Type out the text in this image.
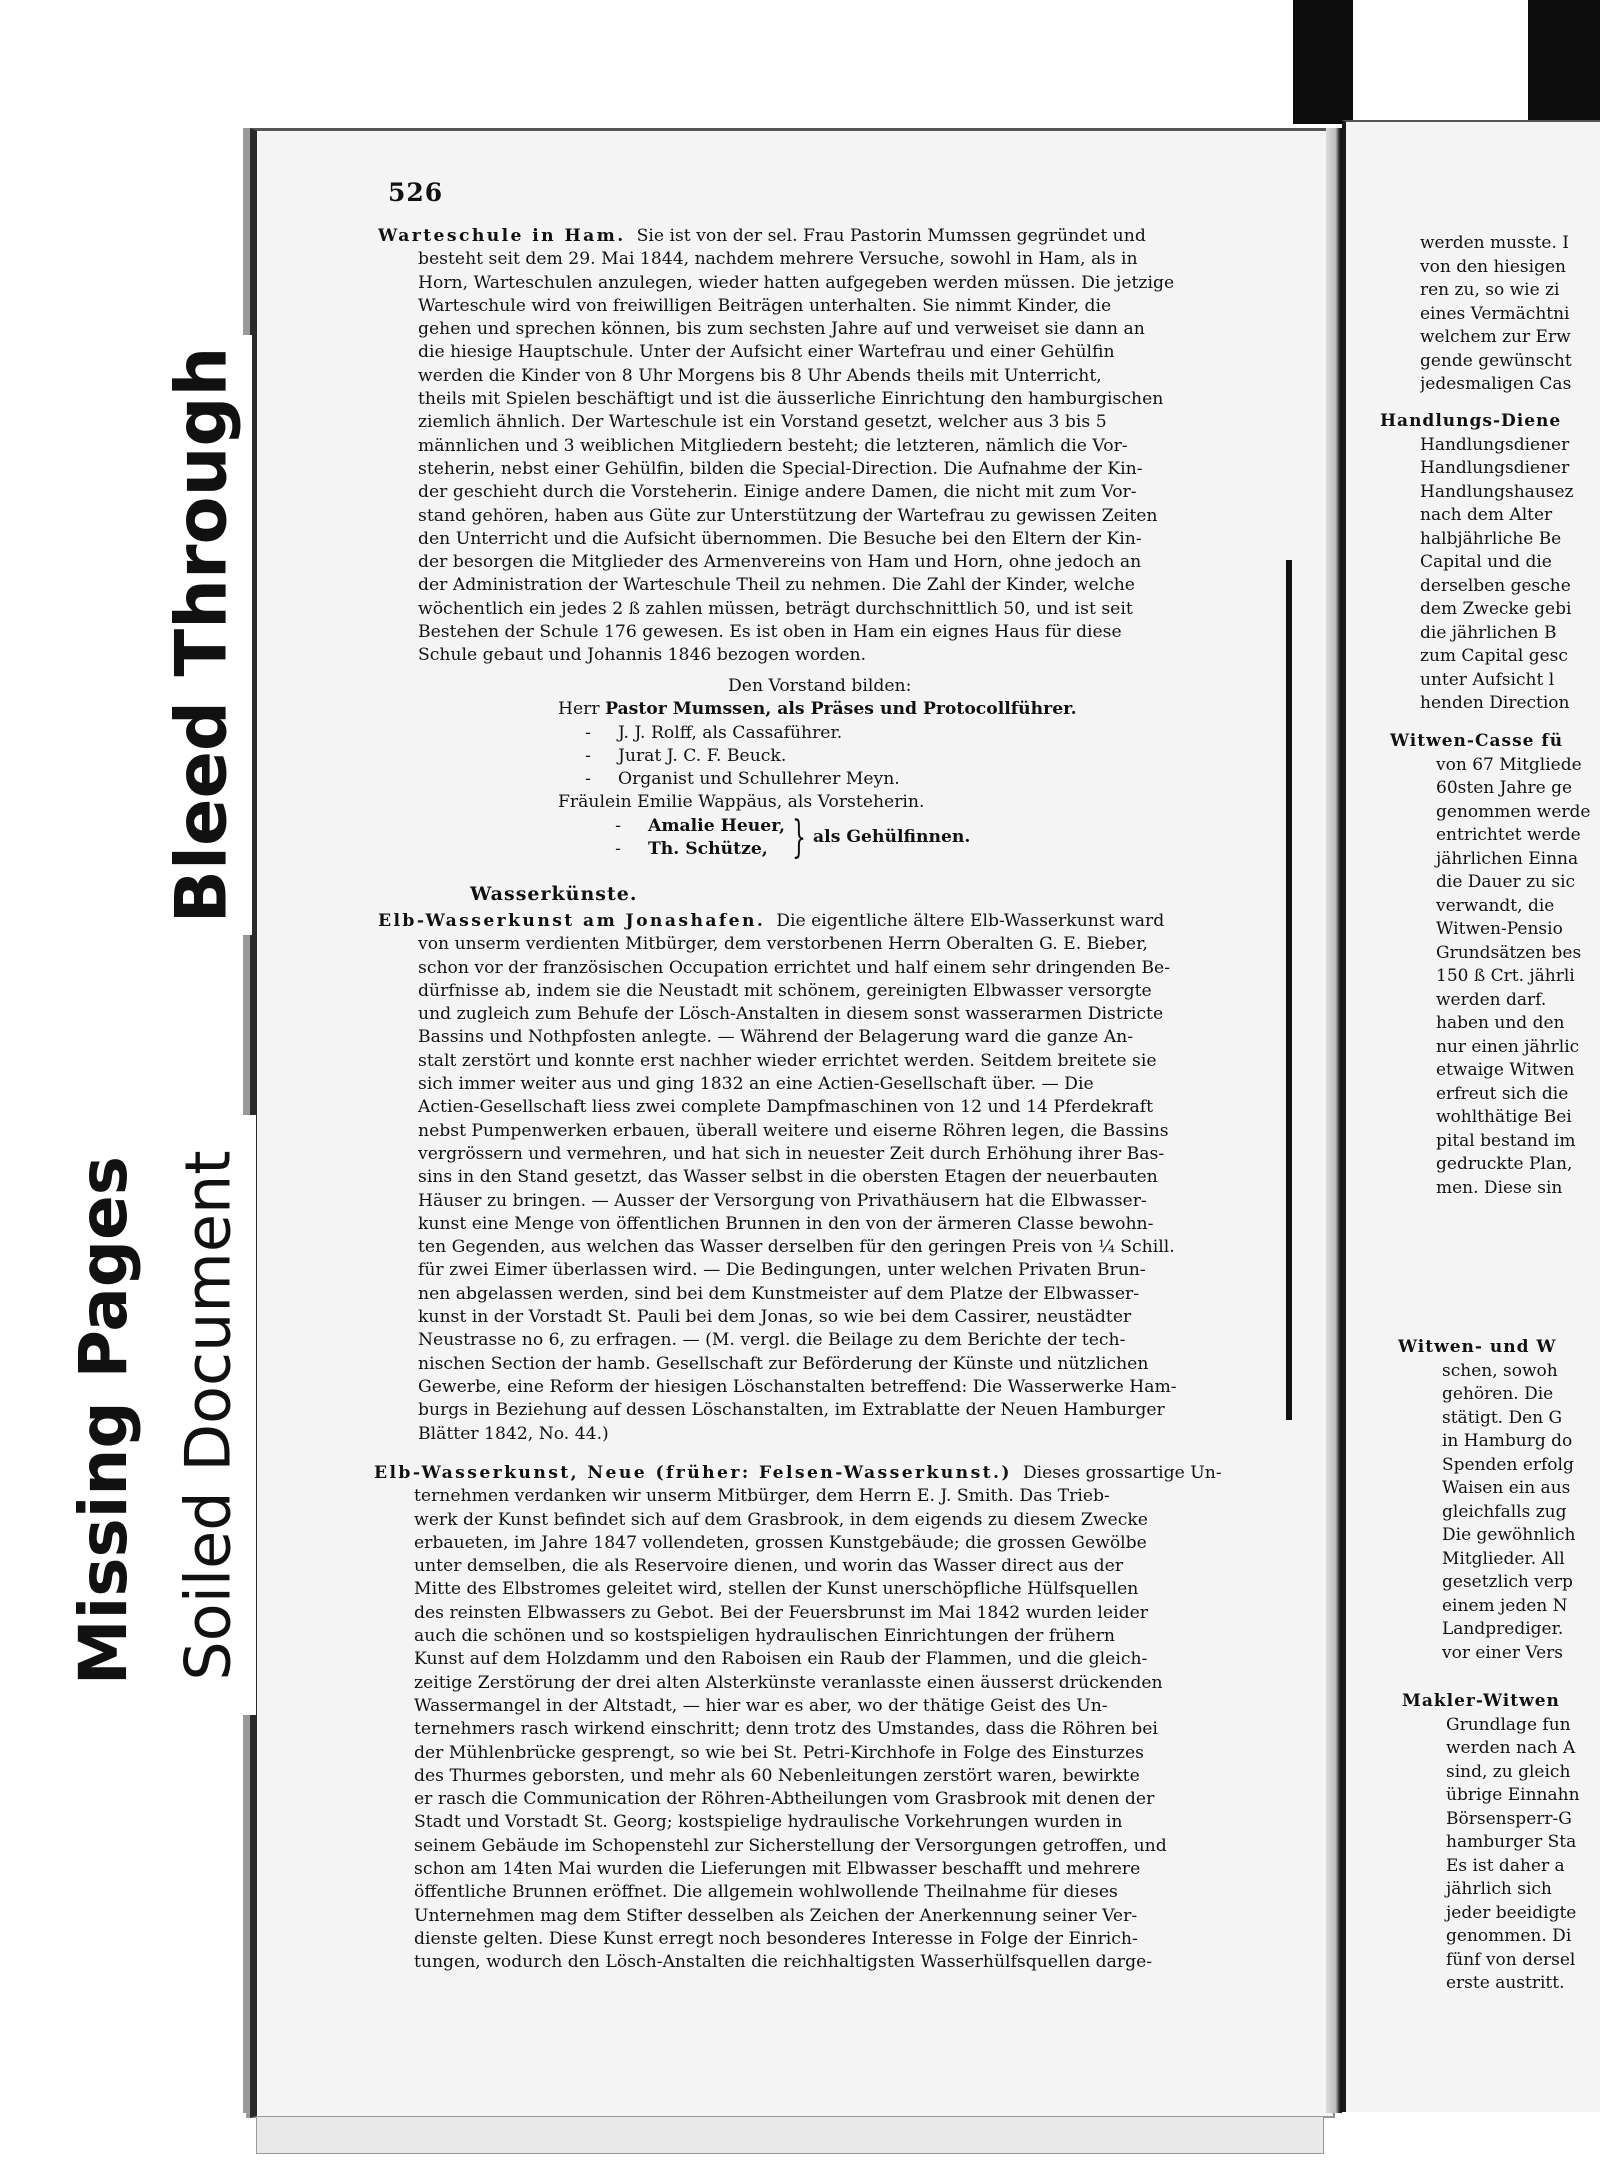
526

Warteschule in Ham. Sie ist von der sel. Frau Pastorin Mumssen gegründet und

besteht seit dem 29. Mai 1844, nachdem mehrere Versuche, sowohl in Ham, als in

Horn, Warteschulen anzulegen, wieder hatten aufgegeben werden müssen. Die jetzige

Warteschule wird von freiwilligen Beiträgen unterhalten. Sie nimmt Kinder, die

gehen und sprechen können, bis zum sechsten Jahre auf und verweiset sie dann an

die hiesige Hauptschule. Unter der Aufsicht einer Wartefrau und einer Gehülfin

werden die Kinder von 8 Uhr Morgens bis 8 Uhr Abends theils mit Unterricht,

theils mit Spielen beschäftigt und ist die äusserliche Einrichtung den hamburgischen

ziemlich ähnlich. Der Warteschule ist ein Vorstand gesetzt, welcher aus 3 bis 5

männlichen und 3 weiblichen Mitgliedern besteht; die letzteren, nämlich die Vor-

steherin, nebst einer Gehülfin, bilden die Special-Direction. Die Aufnahme der Kin-

der geschieht durch die Vorsteherin. Einige andere Damen, die nicht mit zum Vor-

stand gehören, haben aus Güte zur Unterstützung der Wartefrau zu gewissen Zeiten

den Unterricht und die Aufsicht übernommen. Die Besuche bei den Eltern der Kin-

der besorgen die Mitglieder des Armenvereins von Ham und Horn, ohne jedoch an

der Administration der Warteschule Theil zu nehmen. Die Zahl der Kinder, welche

wöchentlich ein jedes 2 ß zahlen müssen, beträgt durchschnittlich 50, und ist seit

Bestehen der Schule 176 gewesen. Es ist oben in Ham ein eignes Haus für diese

Schule gebaut und Johannis 1846 bezogen worden.

Den Vorstand bilden:

Herr Pastor Mumssen, als Präses und Protocollführer.

- J. J. Rolff, als Cassaführer.

- Jurat J. C. F. Beuck.

- Organist und Schullehrer Meyn.

Fräulein Emilie Wappäus, als Vorsteherin.

- Amalie Heuer,

- Th. Schütze, } als Gehülfinnen.
Wasserkünste.

Elb-Wasserkunst am Jonashafen. Die eigentliche ältere Elb-Wasserkunst ward

von unserm verdienten Mitbürger, dem verstorbenen Herrn Oberalten G. E. Bieber,

schon vor der französischen Occupation errichtet und half einem sehr dringenden Be-

dürfnisse ab, indem sie die Neustadt mit schönem, gereinigten Elbwasser versorgte

und zugleich zum Behufe der Lösch-Anstalten in diesem sonst wasserarmen Districte

Bassins und Nothpfosten anlegte. — Während der Belagerung ward die ganze An-

stalt zerstört und konnte erst nachher wieder errichtet werden. Seitdem breitete sie

sich immer weiter aus und ging 1832 an eine Actien-Gesellschaft über. — Die

Actien-Gesellschaft liess zwei complete Dampfmaschinen von 12 und 14 Pferdekraft

nebst Pumpenwerken erbauen, überall weitere und eiserne Röhren legen, die Bassins

vergrössern und vermehren, und hat sich in neuester Zeit durch Erhöhung ihrer Bas-

sins in den Stand gesetzt, das Wasser selbst in die obersten Etagen der neuerbauten

Häuser zu bringen. — Ausser der Versorgung von Privathäusern hat die Elbwasser-

kunst eine Menge von öffentlichen Brunnen in den von der ärmeren Classe bewohn-

ten Gegenden, aus welchen das Wasser derselben für den geringen Preis von ¼ Schill.

für zwei Eimer überlassen wird. — Die Bedingungen, unter welchen Privaten Brun-

nen abgelassen werden, sind bei dem Kunstmeister auf dem Platze der Elbwasser-

kunst in der Vorstadt St. Pauli bei dem Jonas, so wie bei dem Cassirer, neustädter

Neustrasse no 6, zu erfragen. — (M. vergl. die Beilage zu dem Berichte der tech-

nischen Section der hamb. Gesellschaft zur Beförderung der Künste und nützlichen

Gewerbe, eine Reform der hiesigen Löschanstalten betreffend: Die Wasserwerke Ham-

burgs in Beziehung auf dessen Löschanstalten, im Extrablatte der Neuen Hamburger

Blätter 1842, No. 44.)

Elb-Wasserkunst, Neue (früher: Felsen-Wasserkunst.) Dieses grossartige Un-

ternehmen verdanken wir unserm Mitbürger, dem Herrn E. J. Smith. Das Trieb-

werk der Kunst befindet sich auf dem Grasbrook, in dem eigends zu diesem Zwecke

erbaueten, im Jahre 1847 vollendeten, grossen Kunstgebäude; die grossen Gewölbe

unter demselben, die als Reservoire dienen, und worin das Wasser direct aus der

Mitte des Elbstromes geleitet wird, stellen der Kunst unerschöpfliche Hülfsquellen

des reinsten Elbwassers zu Gebot. Bei der Feuersbrunst im Mai 1842 wurden leider

auch die schönen und so kostspieligen hydraulischen Einrichtungen der frühern

Kunst auf dem Holzdamm und den Raboisen ein Raub der Flammen, und die gleich-

zeitige Zerstörung der drei alten Alsterkünste veranlasste einen äusserst drückenden

Wassermangel in der Altstadt, — hier war es aber, wo der thätige Geist des Un-

ternehmers rasch wirkend einschritt; denn trotz des Umstandes, dass die Röhren bei

der Mühlenbrücke gesprengt, so wie bei St. Petri-Kirchhofe in Folge des Einsturzes

des Thurmes geborsten, und mehr als 60 Nebenleitungen zerstört waren, bewirkte

er rasch die Communication der Röhren-Abtheilungen vom Grasbrook mit denen der

Stadt und Vorstadt St. Georg; kostspielige hydraulische Vorkehrungen wurden in

seinem Gebäude im Schopenstehl zur Sicherstellung der Versorgungen getroffen, und

schon am 14ten Mai wurden die Lieferungen mit Elbwasser beschafft und mehrere

öffentliche Brunnen eröffnet. Die allgemein wohlwollende Theilnahme für dieses

Unternehmen mag dem Stifter desselben als Zeichen der Anerkennung seiner Ver-

dienste gelten. Diese Kunst erregt noch besonderes Interesse in Folge der Einrich-

tungen, wodurch den Lösch-Anstalten die reichhaltigsten Wasserhülfsquellen darge-

werden musste. I

von den hiesigen

ren zu, so wie zi

eines Vermächtni

welchem zur Erw

gende gewünscht

jedesmaligen Cas

Handlungs-Diene

Handlungsdiener

Handlungsdiener

Handlungshausez

nach dem Alter

halbjährliche Be

Capital und die

derselben gesche

dem Zwecke gebi

die jährlichen B

zum Capital gesc

unter Aufsicht l

henden Direction

Witwen-Casse fü

von 67 Mitgliede

60sten Jahre ge

genommen werde

entrichtet werde

jährlichen Einna

die Dauer zu sic

verwandt, die

Witwen-Pensio

Grundsätzen bes

150 ß Crt. jährli

werden darf.

haben und den

nur einen jährlic

etwaige Witwen

erfreut sich die

wohlthätige Bei

pital bestand im

gedruckte Plan,

men. Diese sin

Witwen- und W

schen, sowoh

gehören. Die

stätigt. Den G

in Hamburg do

Spenden erfolg

Waisen ein aus

gleichfalls zug

Die gewöhnlich

Mitglieder. All

gesetzlich verp

einem jeden N

Landprediger.

vor einer Vers

Makler-Witwen

Grundlage fun

werden nach A

sind, zu gleich

übrige Einnahn

Börsensperr-G

hamburger Sta

Es ist daher a

jährlich sich

jeder beeidigte

genommen. Di

fünf von dersel

erste austritt.

Bleed Through
Missing Pages Soiled Document
